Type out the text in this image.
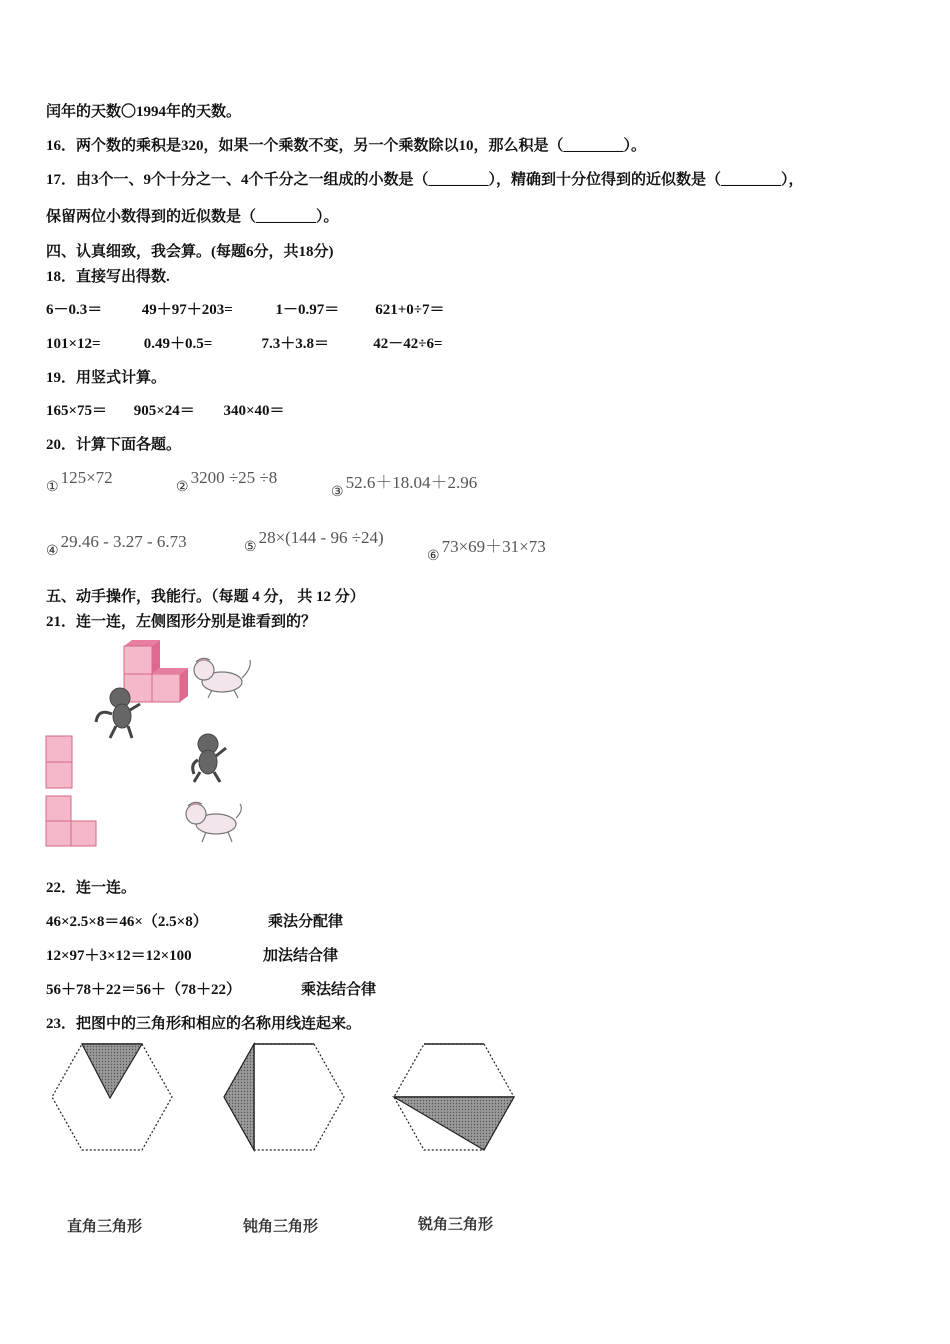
闰年的天数〇1994年的天数。
16．两个数的乘积是320，如果一个乘数不变，另一个乘数除以10，那么积是（________）。
17．由3个一、9个十分之一、4个千分之一组成的小数是（________），精确到十分位得到的近似数是（________），
保留两位小数得到的近似数是（________）。
四、认真细致，我会算。(每题6分，共18分)
18．直接写出得数.
6－0.3＝	49＋97＋203=	1－0.97＝ 621+0÷7＝
101×12=	0.49＋0.5=	7.3＋3.8＝	42－42÷6=
19．用竖式计算。
165×75＝ 905×24＝ 340×40＝
20．计算下面各题。
$_①$125×72
$_②$3200 ÷25 ÷8
$_③$52.6＋18.04＋2.96
$_④$29.46 - 3.27 - 6.73	$_⑤$28×(144 - 96 ÷24)
$_⑥$73×69＋31×73
五、动手操作，我能行。（每题 4 分， 共 12 分）
21．连一连，左侧图形分别是谁看到的？
22．连一连。
46×2.5×8＝46×（2.5×8）	乘法分配律
12×97＋3×12＝12×100	加法结合律
56＋78＋22＝56＋（78＋22）	乘法结合律
23．把图中的三角形和相应的名称用线连起来。
直角三角形	钝角三角形	锐角三角形
